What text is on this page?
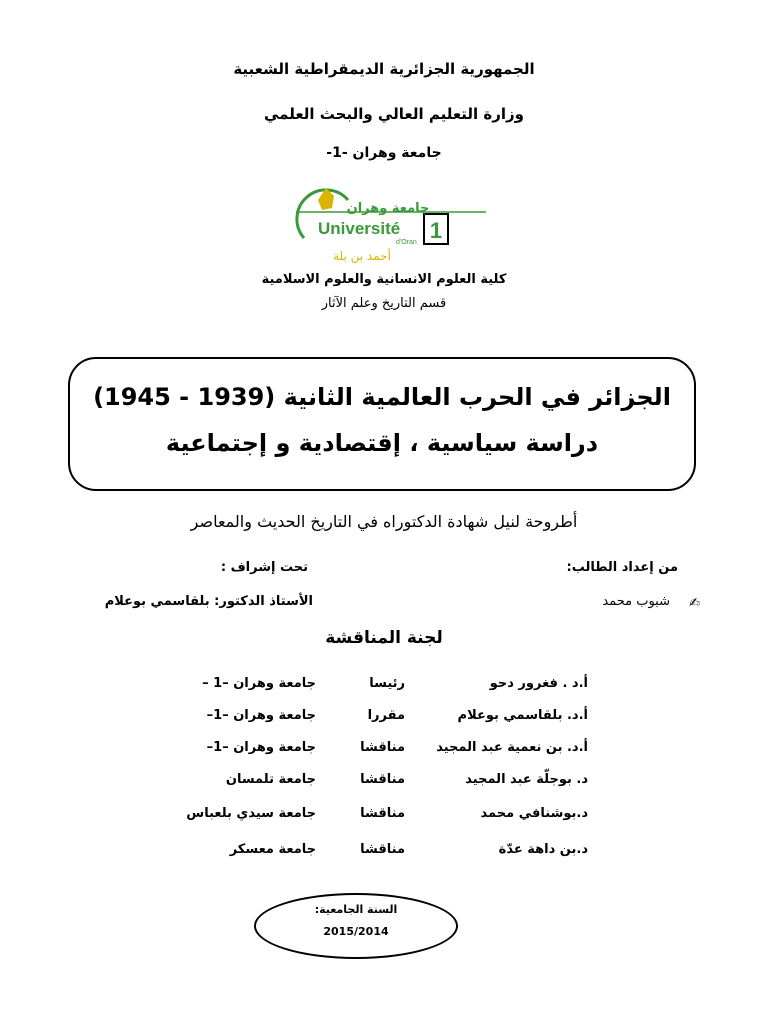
الجمهورية الجزائرية الديمقراطية الشعبية
وزارة التعليم العالي والبحث العلمي
جامعة وهران -1-
1
جامعة وهران
Université
d'Oran
أحمد بن بلة
كلية العلوم الانسانية والعلوم الاسلامية
قسم التاريخ وعلم الآثار
الجزائر في الحرب العالمية الثانية (1939 - 1945)
دراسة سياسية ، إقتصادية و إجتماعية
أطروحة لنيل شهادة الدكتوراه في التاريخ الحديث والمعاصر
من إعداد الطالب:
تحت إشراف :
✍
شبوب محمد
الأستاذ الدكتور: بلقاسمي بوعلام
لجنة المناقشة
أ.د . فغرور دحو
رئيسا
جامعة وهران –1 –
أ.د. بلقاسمي بوعلام
مقررا
جامعة وهران –1–
أ.د. بن نعمية عبد المجيد
مناقشا
جامعة وهران –1–
د. بوجلّة عبد المجيد
مناقشا
جامعة تلمسان
د.بوشنافي محمد
مناقشا
جامعة سيدي بلعباس
د.بن داهة عدّة
مناقشا
جامعة معسكر
السنة الجامعية:
2015/2014
